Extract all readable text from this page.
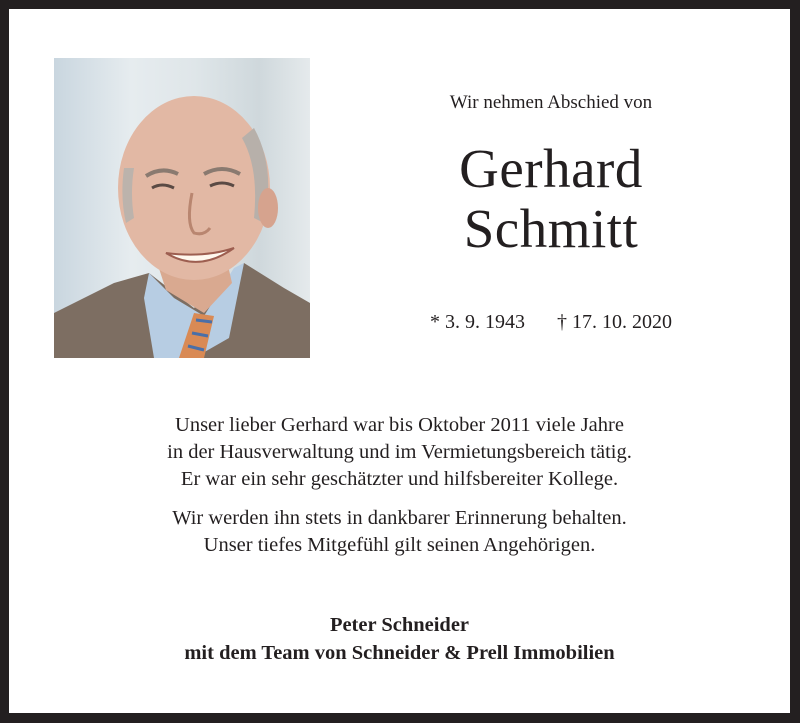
Wir nehmen Abschied von
Gerhard
Schmitt
* 3. 9. 1943 † 17. 10. 2020

Unser lieber Gerhard war bis Oktober 2011 viele Jahre
in der Hausverwaltung und im Vermietungsbereich tätig.
Er war ein sehr geschätzter und hilfsbereiter Kollege.

Wir werden ihn stets in dankbarer Erinnerung behalten.
Unser tiefes Mitgefühl gilt seinen Angehörigen.

Peter Schneider
mit dem Team von Schneider & Prell Immobilien
